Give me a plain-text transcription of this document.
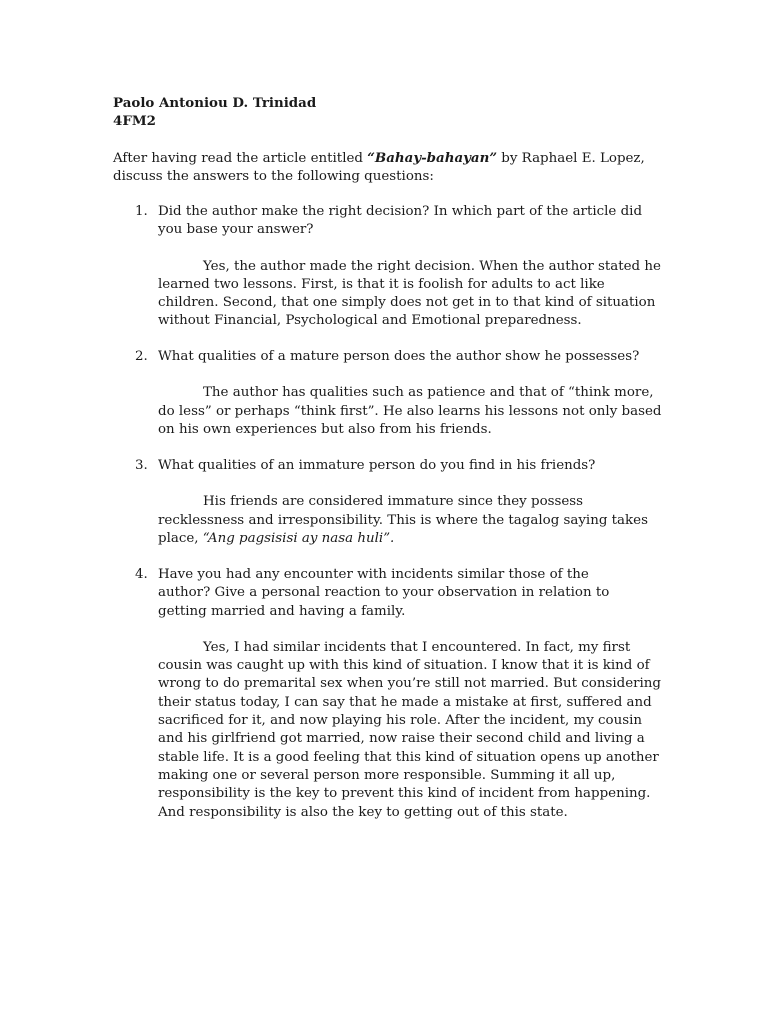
Paolo Antoniou D. Trinidad
4FM2

After having read the article entitled “Bahay-bahayan” by Raphael E. Lopez, discuss the answers to the following questions:

1. Did the author make the right decision? In which part of the article did you base your answer?
Yes, the author made the right decision. When the author stated he learned two lessons. First, is that it is foolish for adults to act like children. Second, that one simply does not get in to that kind of situation without Financial, Psychological and Emotional preparedness.
2. What qualities of a mature person does the author show he possesses?
The author has qualities such as patience and that of “think more, do less” or perhaps “think first”. He also learns his lessons not only based on his own experiences but also from his friends.
3. What qualities of an immature person do you find in his friends?
His friends are considered immature since they possess recklessness and irresponsibility. This is where the tagalog saying takes place, “Ang pagsisisi ay nasa huli”.
4. Have you had any encounter with incidents similar those of the author? Give a personal reaction to your observation in relation to getting married and having a family.
Yes, I had similar incidents that I encountered. In fact, my first cousin was caught up with this kind of situation. I know that it is kind of wrong to do premarital sex when you’re still not married. But considering their status today, I can say that he made a mistake at first, suffered and sacrificed for it, and now playing his role. After the incident, my cousin and his girlfriend got married, now raise their second child and living a stable life. It is a good feeling that this kind of situation opens up another making one or several person more responsible. Summing it all up, responsibility is the key to prevent this kind of incident from happening. And responsibility is also the key to getting out of this state.
